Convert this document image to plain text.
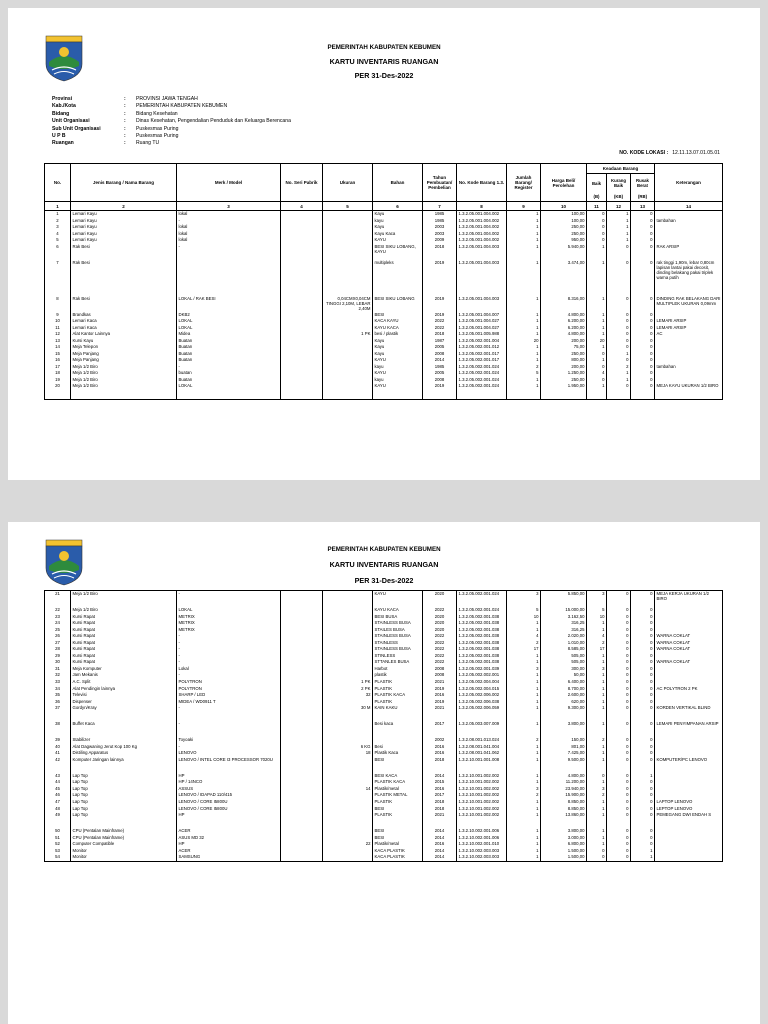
PEMERINTAH KABUPATEN KEBUMEN
KARTU INVENTARIS RUANGAN
PER 31-Des-2022
Provinsi	:	PROVINSI JAWA TENGAH
Kab./Kota	:	PEMERINTAH KABUPATEN KEBUMEN
Bidang	:	Bidang Kesehatan
Unit Organisasi	:	Dinas Kesehatan, Pengendalian Penduduk dan Keluarga Berencana
Sub Unit Organisasi	:	Puskesmas Puring
U P B	:	Puskesmas Puring
Ruangan	:	Ruang TU
NO. KODE LOKASI : 12.11.13.07.01.05.01
No.	Jenis Barang / Nama Barang	Merk / Model	No. Seri Pabrik	Ukuran	Bahan	Tahun Pembuatan/ Pembelian	No. Kode Barang 1.3.	Jumlah Barang/ Register	Harga Beli/ Perolehan	Keadaan Barang			Keterangan
										Baik	Kurang Baik	Rusak Berat	
										(B)	(KB)	(RB)	
1	2	3	4	5	6	7	8	9	10	11	12	13	14
1	Lemari Kayu	lokal			Kayu	1985	1.3.2.05.001.004.002	1	100,00	0	1	0	
2	Lemari Kayu	-			kayu	1985	1.3.2.05.001.004.002	1	100,00	0	1	0	tambahan
3	Lemari Kayu	lokal			Kayu	2003	1.3.2.05.001.004.002	1	250,00	0	1	0	
4	Lemari Kayu	lokal			Kayu Kaca	2003	1.3.2.05.001.004.002	1	250,00	0	1	0	
5	Lemari Kayu	lokal			KAYU	2009	1.3.2.05.001.004.002	1	950,00	0	1	0	
6	Rak Besi	-			BESI SIKU LOBANG, KAYU	2018	1.3.2.05.001.004.003	1	5.940,00	1	0	0	RAK ARSIP
7	Rak Besi				multipleks	2019	1.3.2.05.001.004.003	1	3.474,00	1	0	0	rak tinggi 1,90m, lebar 0,80cm lapisan lantai pakai decosit, dinding belakang pakai triplek warna putih
8	Rak Besi	LOKAL / RAK BESI		0,04CMX0,04CM TINGGI 2,10M, LEBAR 2,40M	BESI SIKU LOBANG	2019	1.3.2.05.001.004.003	1	8.316,00	1	0	0	DINDING RAK BELAKANG DARI MULTIPLEK UKURAN 0,09mm
9	Brandkas	DKB2			BESI	2019	1.3.2.05.001.004.007	1	4.800,00	1	0	0	
10	Lemari Kaca	LOKAL			KACA KAYU	2022	1.3.2.05.001.004.027	1	6.200,00	1	0	0	LEMARI ARSIP
11	Lemari Kaca	LOKAL			KAYU KACA	2022	1.3.2.05.001.004.027	1	6.200,00	1	0	0	LEMARI ARSIP
12	Alat Kantor Lainnya	Midea		1 PK	besi / plastik	2018	1.3.2.05.001.005.988	1	4.800,00	1	0	0	AC
13	Kursi Kayu	Buatan			Kayu	1987	1.3.2.05.002.001.004	20	200,00	20	0	0	
14	Meja Telepon	Buatan			Kayu	2005	1.3.2.05.002.001.012	1	75,00	1	0	0	
15	Meja Panjang	Buatan			Kayu	2008	1.3.2.05.002.001.017	1	250,00	0	1	0	
16	Meja Panjang	Buatan			KAYU	2014	1.3.2.05.002.001.017	1	800,00	1	0	0	
17	Meja 1/2 Biro	-			kayu	1985	1.3.2.05.002.001.024	2	200,00	0	2	0	tambahan
18	Meja 1/2 Biro	buatan			KAYU	2005	1.3.2.05.002.001.024	5	1.250,00	4	1	0	
19	Meja 1/2 Biro	Buatan			kayu	2008	1.3.2.05.002.001.024	1	250,00	0	1	0	
20	Meja 1/2 Biro	LOKAL			KAYU	2019	1.3.2.05.002.001.024	1	1.950,00	1	0	0	MEJA KAYU UKURAN 1/2 BIRO
PEMERINTAH KABUPATEN KEBUMEN
KARTU INVENTARIS RUANGAN
PER 31-Des-2022
21	Meja 1/2 Biro	-			KAYU	2020	1.3.2.05.002.001.024	3	5.850,00	3	0	0	MEJA KERJA UKURAN 1/2 BIRO
22	Meja 1/2 Biro	LOKAL			KAYU KACA	2022	1.3.2.05.002.001.024	5	15.000,00	5	0	0	
23	Kursi Rapat	METRIX			BESI BUSA	2020	1.3.2.05.002.001.038	10	3.162,50	10	0	0	
24	Kursi Rapat	METRIX			STAINLESS BUSA	2020	1.3.2.05.002.001.038	1	316,25	1	0	0	
25	Kursi Rapat	METRIX			STAILES BUSA	2020	1.3.2.05.002.001.038	1	316,25	1	0	0	
26	Kursi Rapat	-			STAINLESS BUSA	2022	1.3.2.05.002.001.038	4	2.020,00	4	0	0	WARNA COKLAT
27	Kursi Rapat	-			STAINLESS	2022	1.3.2.05.002.001.038	2	1.010,00	2	0	0	WARNA COKLAT
28	Kursi Rapat	-			STAINLESS BUSA	2022	1.3.2.05.002.001.038	17	8.585,00	17	0	0	WARNA COKLAT
29	Kursi Rapat	-			STINLESS	2022	1.3.2.05.002.001.038	1	505,00	1	0	0	
30	Kursi Rapat	-			STTANLES BUSA	2022	1.3.2.05.002.001.038	1	505,00	1	0	0	WARNA COKLAT
31	Meja Komputer	Lokal			Harbot	2008	1.3.2.05.002.001.039	3	300,00	3	0	0	
32	Jam Mekanis	-			plastik	2008	1.3.2.05.002.002.001	1	50,00	1	0	0	
33	A.C. Split	POLYTRON		1 PK	PLASTIK	2021	1.3.2.05.002.004.004	1	6.400,00	1	0	0	
34	Alat Pendingin lainnya	POLYTRON		2 PK	PLASTIK	2019	1.3.2.05.002.004.015	1	8.700,00	1	0	0	AC POLYTRON 2 PK
35	Televisi	SHARP / LED		32	PLASTIK KACA	2016	1.3.2.05.002.006.002	1	2.600,00	1	0	0	
36	Dispenser	MIDEA / WD0911 T			PLASTIK	2019	1.3.2.05.002.006.038	1	620,00	1	0	0	
37	Gordyn/Kray	-		30 M	KAIN KAKU	2021	1.3.2.05.002.006.059	1	9.300,00	1	0	0	KORDEN VERTIKAL BLIND
38	Buffet Kaca	-			Besi kaca	2017	1.3.2.05.003.007.009	1	3.800,00	1	0	0	LEMARI PENYIMPANAN ARSIP
39	Stabilizer	Toyoaki				2002	1.3.2.08.001.013.024	2	150,00	2	0	0	
40	Alat Dagwaning Jerut Kop 100 Kg	-		6 KG	Besi	2016	1.3.2.08.001.041.004	1	801,00	1	0	0	
41	Distiling Apparatus	LENOVO		18	Plastik Kaca	2016	1.3.2.08.001.041.062	1	7.425,00	1	0	0	
42	Komputer Jaringan lainnya	LENOVO / INTEL CORE I3 PROCESSOR 7020U			BESI	2018	1.3.2.10.001.001.008	1	9.500,00	1	0	0	KOMPUTER/PC LENOVO
43	Lap Top	HP			BESI KACA	2014	1.3.2.10.001.002.002	1	4.800,00	0	0	1	
44	Lap Top	HP / 14NCO			PLASTIK KACA	2015	1.3.2.10.001.002.002	1	11.200,00	1	0	0	
45	Lap Top	ASSUS		14	Plastik/metal	2016	1.3.2.10.001.002.002	3	23.940,00	3	0	0	
46	Lap Top	LENOVO / IDAPAD 110/415			PLASTIK METAL	2017	1.3.2.10.001.002.002	2	15.900,00	2	0	0	
47	Lap Top	LENOVO / CORE I5800U			PLASTIK	2018	1.3.2.10.001.002.002	1	8.850,00	1	0	0	LAPTOP LENOVO
48	Lap Top	LENOVO / CORE I5800U			BESI	2018	1.3.2.10.001.002.002	1	8.850,00	1	0	0	LEPTOP LENOVO
49	Lap Top	HP			PLASTIK	2021	1.3.2.10.001.002.002	1	13.860,00	1	0	0	PEMEGANG DWI ENDAH S
50	CPU (Pentalan Mainframe)	ACER			BESI	2014	1.3.2.10.002.001.006	1	3.800,00	1	0	0	
51	CPU (Pentalan Mainframe)	ASUS MD 32			BESI	2014	1.3.2.10.002.001.006	1	3.000,00	1	0	0	
52	Computer Compatible	HP		22	Plastik/metal	2016	1.3.2.10.002.001.010	1	6.800,00	1	0	0	
53	Monitor	ACER			KACA PLASTIK	2014	1.3.2.10.002.003.003	1	1.500,00	0	0	1	
54	Monitor	SAMSUNG			KACA PLASTIK	2014	1.3.2.10.002.003.003	1	1.500,00	0	0	1	
